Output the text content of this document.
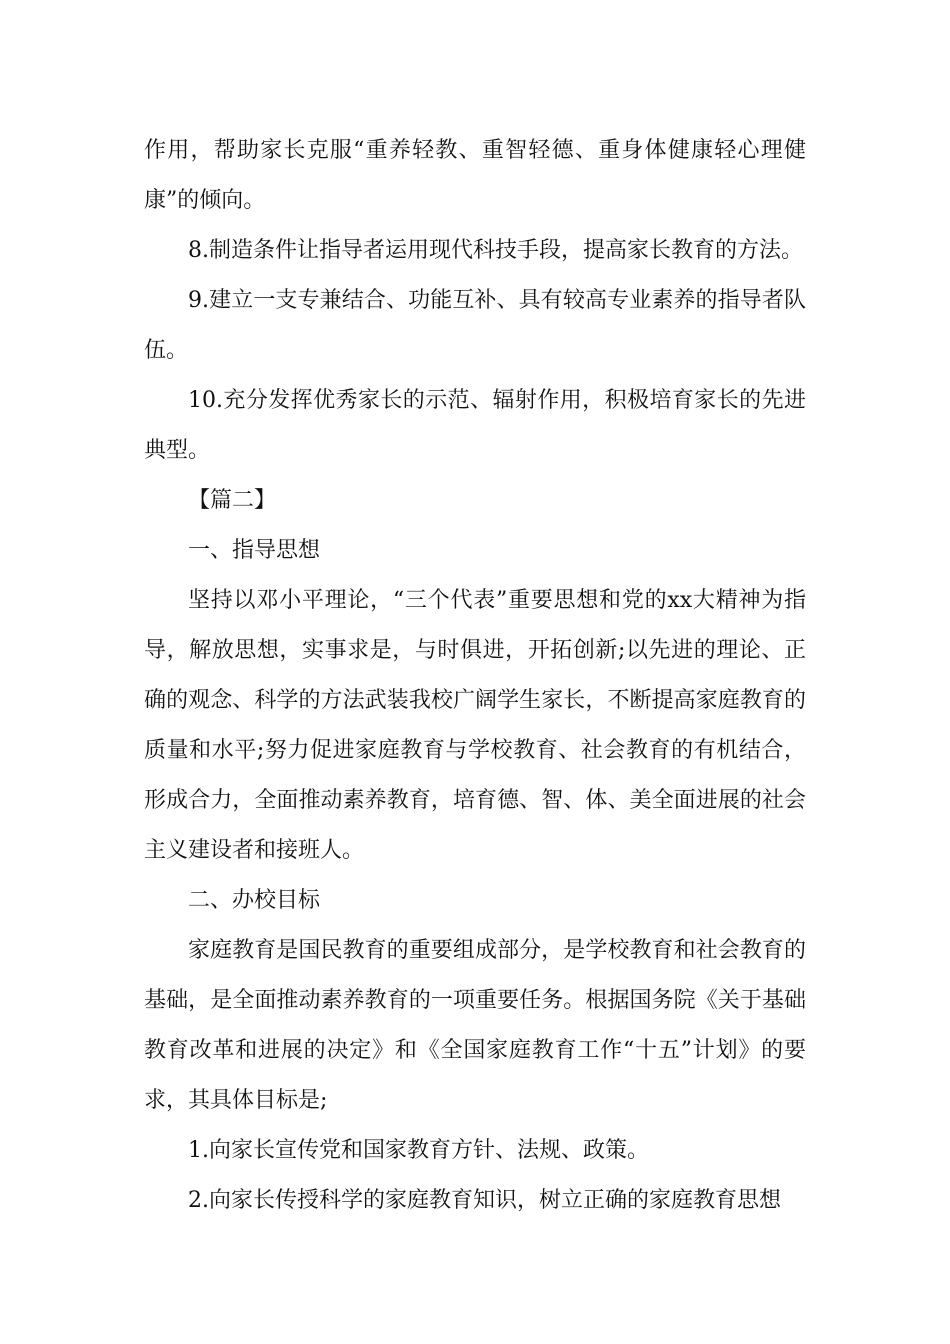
作用，帮助家长克服“重养轻教、重智轻德、重身体健康轻心理健康”的倾向。

8.制造条件让指导者运用现代科技手段，提高家长教育的方法。

9.建立一支专兼结合、功能互补、具有较高专业素养的指导者队伍。

10.充分发挥优秀家长的示范、辐射作用，积极培育家长的先进典型。

【篇二】

一、指导思想

坚持以邓小平理论，“三个代表”重要思想和党的xx大精神为指导，解放思想，实事求是，与时俱进，开拓创新;以先进的理论、正确的观念、科学的方法武装我校广阔学生家长，不断提高家庭教育的质量和水平;努力促进家庭教育与学校教育、社会教育的有机结合，形成合力，全面推动素养教育，培育德、智、体、美全面进展的社会主义建设者和接班人。

二、办校目标

家庭教育是国民教育的重要组成部分，是学校教育和社会教育的基础，是全面推动素养教育的一项重要任务。根据国务院《关于基础教育改革和进展的决定》和《全国家庭教育工作“十五”计划》的要求，其具体目标是;

1.向家长宣传党和国家教育方针、法规、政策。

2.向家长传授科学的家庭教育知识，树立正确的家庭教育思想
